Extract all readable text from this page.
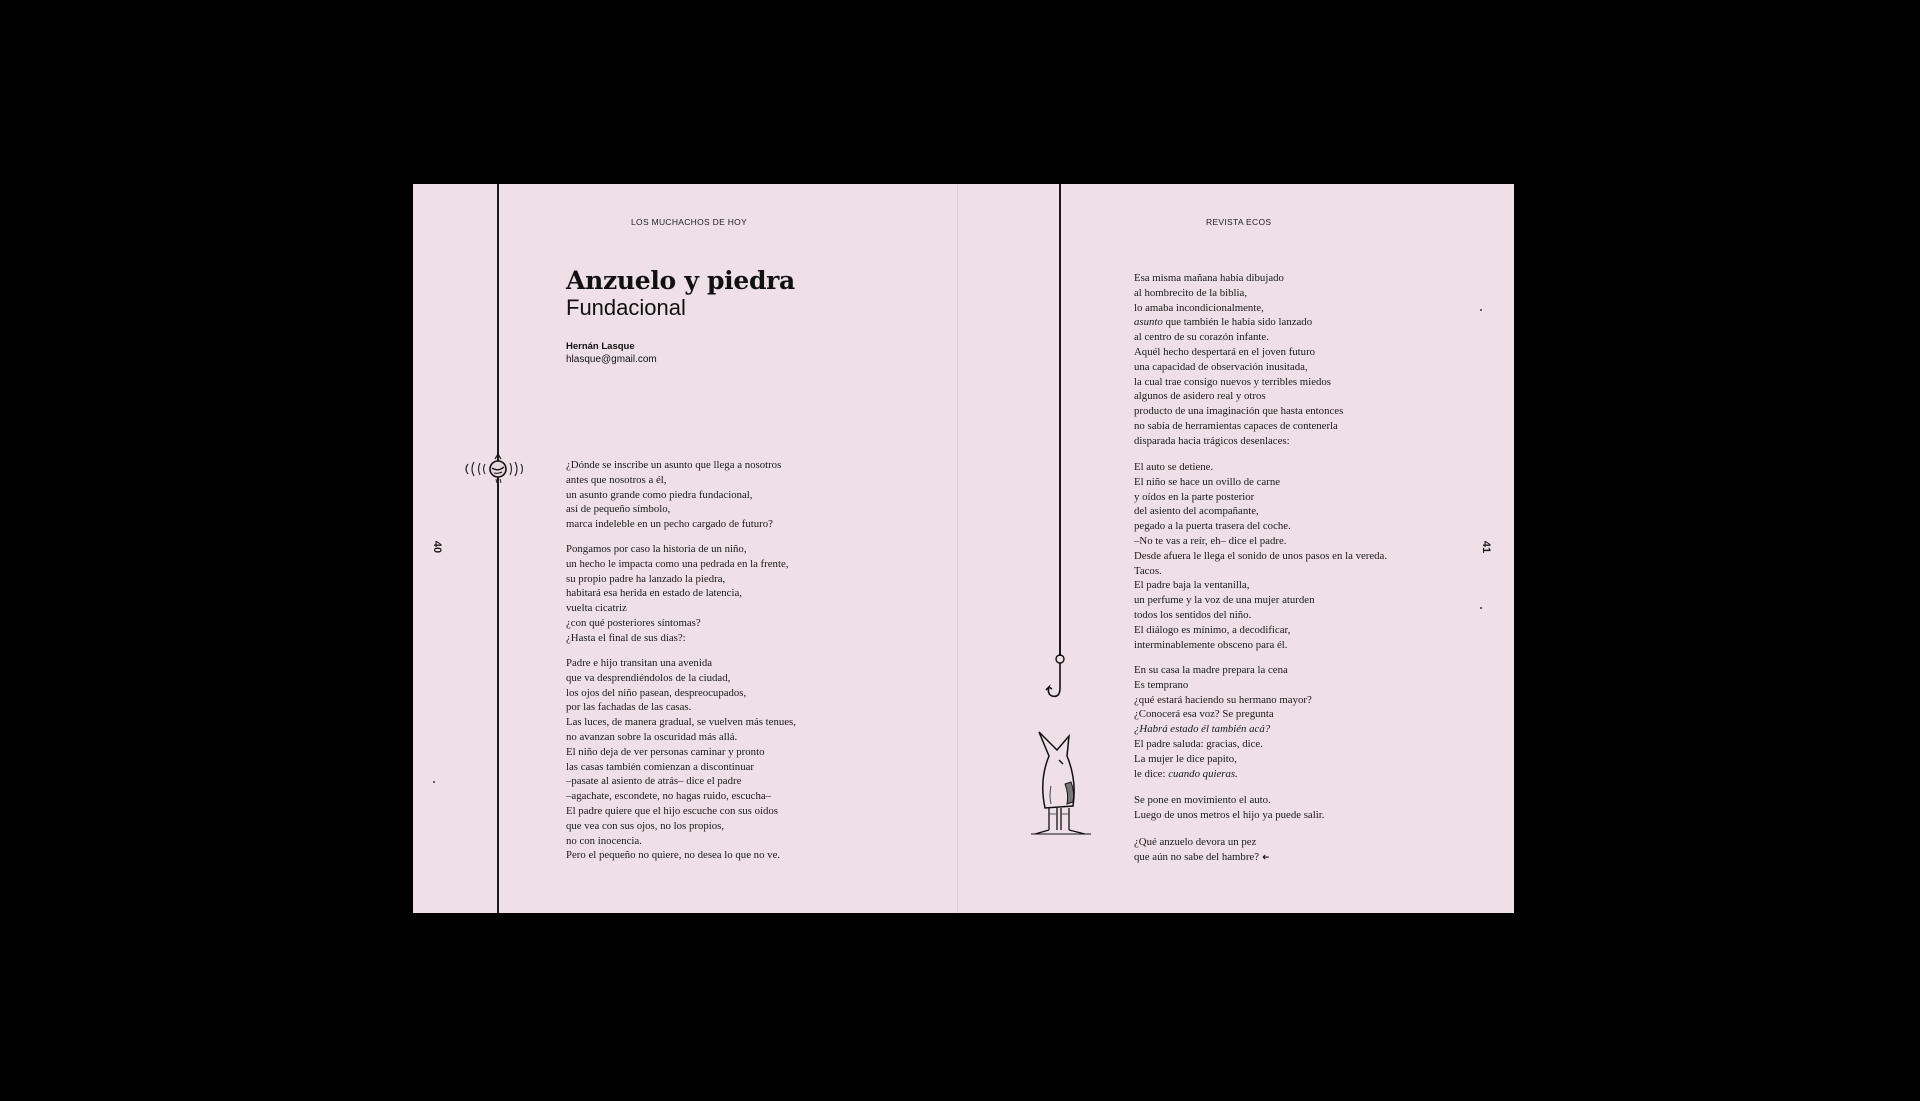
LOS MUCHACHOS DE HOY
40
Anzuelo y piedra
Fundacional
Hernán Lasque
hlasque@gmail.com
¿Dónde se inscribe un asunto que llega a nosotros
antes que nosotros a él,
un asunto grande como piedra fundacional,
así de pequeño símbolo,
marca indeleble en un pecho cargado de futuro?
Pongamos por caso la historia de un niño,
un hecho le impacta como una pedrada en la frente,
su propio padre ha lanzado la piedra,
habitará esa herida en estado de latencia,
vuelta cicatriz
¿con qué posteriores síntomas?
¿Hasta el final de sus días?:
Padre e hijo transitan una avenida
que va desprendiéndolos de la ciudad,
los ojos del niño pasean, despreocupados,
por las fachadas de las casas.
Las luces, de manera gradual, se vuelven más tenues,
no avanzan sobre la oscuridad más allá.
El niño deja de ver personas caminar y pronto
las casas también comienzan a discontinuar
–pasate al asiento de atrás– dice el padre
–agachate, escondete, no hagas ruido, escucha–
El padre quiere que el hijo escuche con sus oídos
que vea con sus ojos, no los propios,
no con inocencia.
Pero el pequeño no quiere, no desea lo que no ve.
REVISTA ECOS
41
Esa misma mañana había dibujado
al hombrecito de la biblia,
lo amaba incondicionalmente,
asunto que también le había sido lanzado
al centro de su corazón infante.
Aquél hecho despertará en el joven futuro
una capacidad de observación inusitada,
la cual trae consigo nuevos y terribles miedos
algunos de asidero real y otros
producto de una imaginación que hasta entonces
no sabía de herramientas capaces de contenerla
disparada hacia trágicos desenlaces:
El auto se detiene.
El niño se hace un ovillo de carne
y oídos en la parte posterior
del asiento del acompañante,
pegado a la puerta trasera del coche.
–No te vas a reír, eh– dice el padre.
Desde afuera le llega el sonido de unos pasos en la vereda.
Tacos.
El padre baja la ventanilla,
un perfume y la voz de una mujer aturden
todos los sentidos del niño.
El diálogo es mínimo, a decodificar,
interminablemente obsceno para él.
En su casa la madre prepara la cena
Es temprano
¿qué estará haciendo su hermano mayor?
¿Conocerá esa voz? Se pregunta
¿Habrá estado él también acá?
El padre saluda: gracias, dice.
La mujer le dice papito,
le dice: cuando quieras.
Se pone en movimiento el auto.
Luego de unos metros el hijo ya puede salir.
¿Qué anzuelo devora un pez
que aún no sabe del hambre? ➜
